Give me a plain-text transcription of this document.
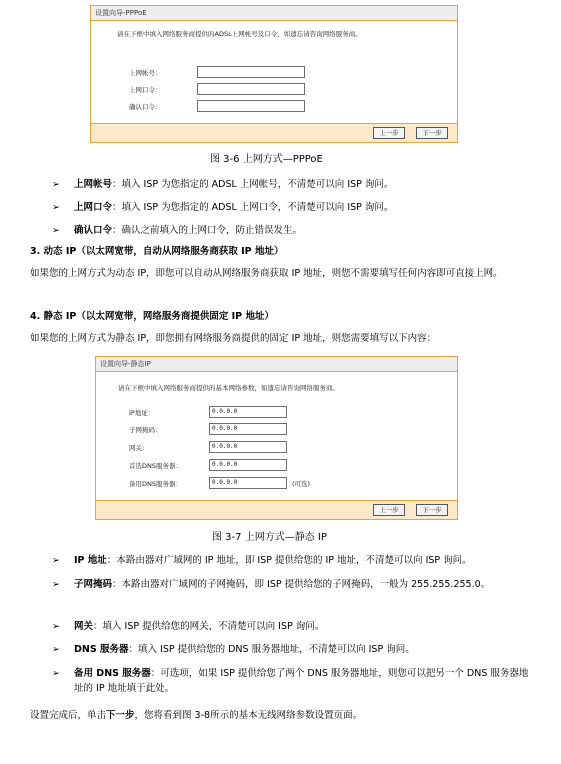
设置向导-PPPoE
请在下框中填入网络服务商提供的ADSL上网帐号及口令，如遗忘请咨询网络服务商。
上网帐号：
上网口令：
确认口令：
上一步	下一步
图 3-6 上网方式—PPPoE
➢ 上网帐号：填入 ISP 为您指定的 ADSL 上网帐号，不清楚可以向 ISP 询问。
➢ 上网口令：填入 ISP 为您指定的 ADSL 上网口令，不清楚可以向 ISP 询问。
➢ 确认口令：确认之前填入的上网口令，防止错误发生。
3. 动态 IP（以太网宽带，自动从网络服务商获取 IP 地址）
如果您的上网方式为动态 IP，即您可以自动从网络服务商获取 IP 地址，则您不需要填写任何内容即可直接上网。
4. 静态 IP（以太网宽带，网络服务商提供固定 IP 地址）
如果您的上网方式为静态 IP，即您拥有网络服务商提供的固定 IP 地址，则您需要填写以下内容：
设置向导-静态IP
请在下框中填入网络服务商提供的基本网络参数，如遗忘请咨询网络服务商。
IP地址：	0.0.0.0
子网掩码：	0.0.0.0
网关：	0.0.0.0
首选DNS服务器：	0.0.0.0
备用DNS服务器：	0.0.0.0	(可选)
上一步	下一步
图 3-7 上网方式—静态 IP
➢ IP 地址：本路由器对广域网的 IP 地址，即 ISP 提供给您的 IP 地址，不清楚可以向 ISP 询问。
➢ 子网掩码：本路由器对广域网的子网掩码，即 ISP 提供给您的子网掩码，一般为 255.255.255.0。
➢ 网关：填入 ISP 提供给您的网关，不清楚可以向 ISP 询问。
➢ DNS 服务器：填入 ISP 提供给您的 DNS 服务器地址，不清楚可以向 ISP 询问。
➢ 备用 DNS 服务器：可选项，如果 ISP 提供给您了两个 DNS 服务器地址，则您可以把另一个 DNS 服务器地址的 IP 地址填于此处。
设置完成后，单击下一步，您将看到图 3-8所示的基本无线网络参数设置页面。
